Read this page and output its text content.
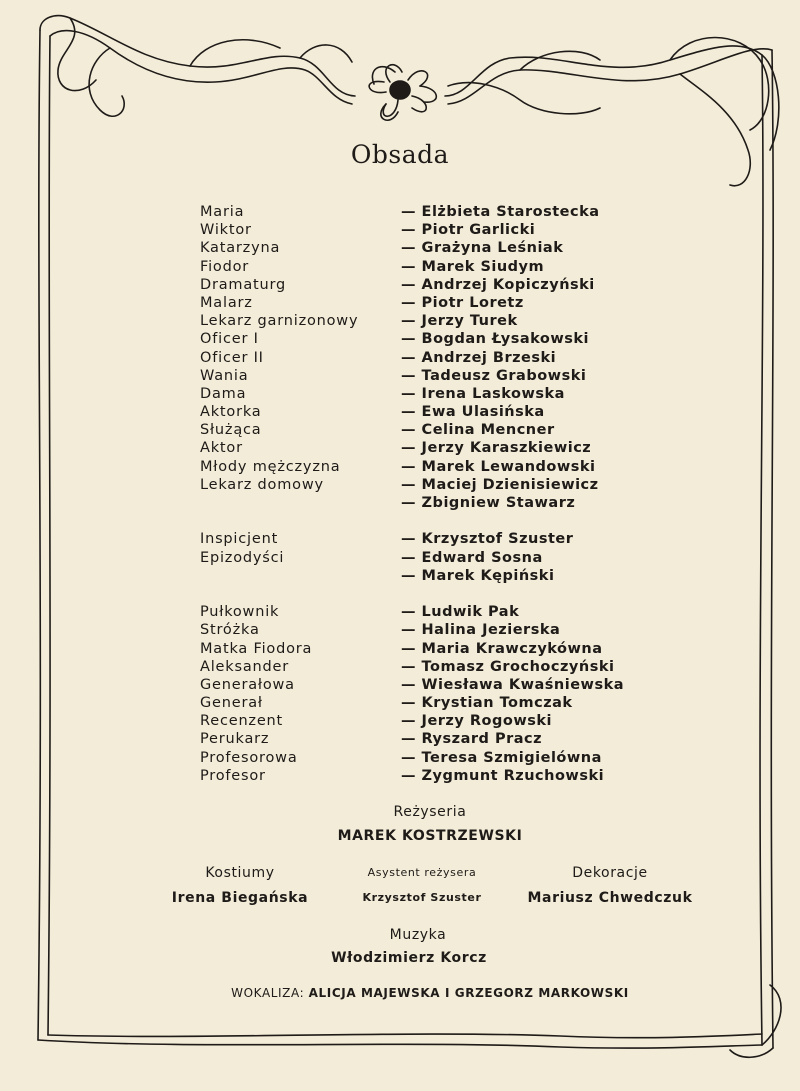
Obsada
Maria	— Elżbieta Starostecka
Wiktor	— Piotr Garlicki
Katarzyna	— Grażyna Leśniak
Fiodor	— Marek Siudym
Dramaturg	— Andrzej Kopiczyński
Malarz	— Piotr Loretz
Lekarz garnizonowy	— Jerzy Turek
Oficer I	— Bogdan Łysakowski
Oficer II	— Andrzej Brzeski
Wania	— Tadeusz Grabowski
Dama	— Irena Laskowska
Aktorka	— Ewa Ulasińska
Służąca	— Celina Mencner
Aktor	— Jerzy Karaszkiewicz
Młody mężczyzna	— Marek Lewandowski
Lekarz domowy	— Maciej Dzienisiewicz
— Zbigniew Stawarz
Inspicjent	— Krzysztof Szuster
Epizodyści	— Edward Sosna
— Marek Kępiński
Pułkownik	— Ludwik Pak
Stróżka	— Halina Jezierska
Matka Fiodora	— Maria Krawczykówna
Aleksander	— Tomasz Grochoczyński
Generałowa	— Wiesława Kwaśniewska
Generał	— Krystian Tomczak
Recenzent	— Jerzy Rogowski
Perukarz	— Ryszard Pracz
Profesorowa	— Teresa Szmigielówna
Profesor	— Zygmunt Rzuchowski
Reżyseria
MAREK KOSTRZEWSKI
Kostiumy
Irena Biegańska
Asystent reżysera
Krzysztof Szuster
Dekoracje
Mariusz Chwedczuk
Muzyka
Włodzimierz Korcz
WOKALIZA: ALICJA MAJEWSKA I GRZEGORZ MARKOWSKI
